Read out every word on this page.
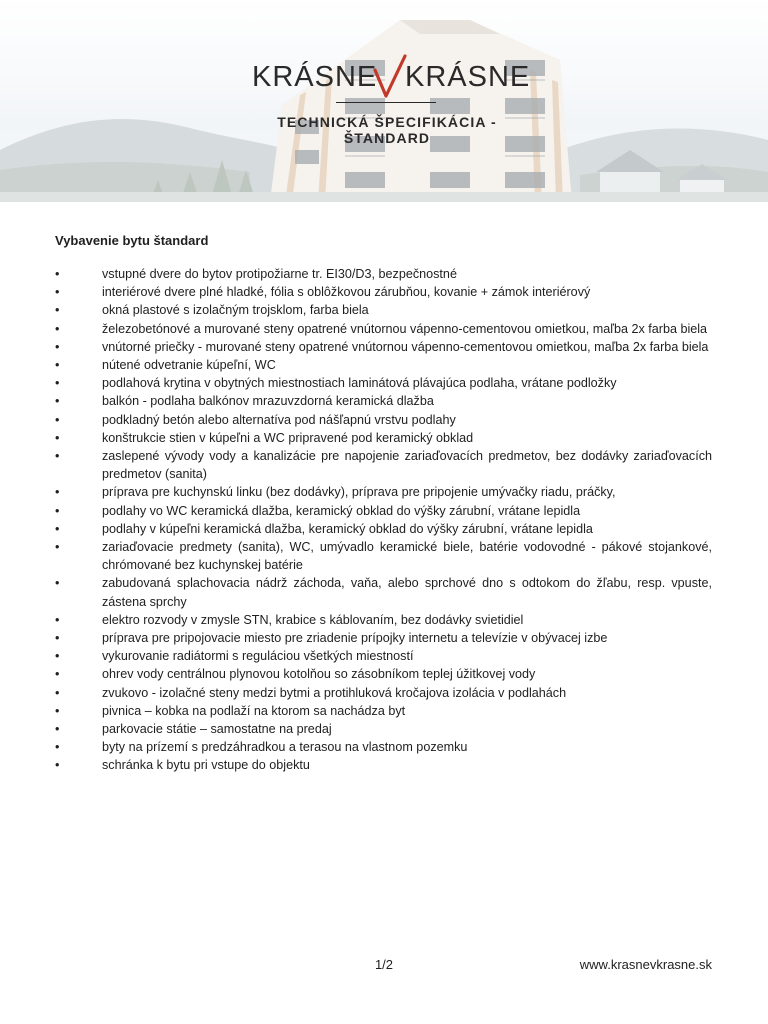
KRÁSNE KRÁSNE
TECHNICKÁ ŠPECIFIKÁCIA - ŠTANDARD
Vybavenie bytu štandard
•	vstupné dvere do bytov protipožiarne tr. EI30/D3, bezpečnostné
•	interiérové dvere plné hladké, fólia s oblôžkovou zárubňou, kovanie + zámok interiérový
•	okná plastové s izolačným trojsklom, farba biela
•	železobetónové a murované steny opatrené vnútornou vápenno-cementovou omietkou, maľba 2x farba biela
•	vnútorné priečky - murované steny opatrené vnútornou vápenno-cementovou omietkou, maľba 2x farba biela
•	nútené odvetranie kúpeľní, WC
•	podlahová krytina v obytných miestnostiach laminátová plávajúca podlaha, vrátane podložky
•	balkón - podlaha balkónov mrazuvzdorná keramická dlažba
•	podkladný betón alebo alternatíva pod nášľapnú vrstvu podlahy
•	konštrukcie stien v kúpeľni a WC pripravené pod keramický obklad
•	zaslepené vývody vody a kanalizácie pre napojenie zariaďovacích predmetov, bez dodávky zariaďovacích predmetov (sanita)
•	príprava pre kuchynskú linku (bez dodávky), príprava pre pripojenie umývačky riadu, práčky,
•	podlahy vo WC keramická dlažba, keramický obklad do výšky zárubní, vrátane lepidla
•	podlahy v kúpeľni keramická dlažba, keramický obklad do výšky zárubní, vrátane lepidla
•	zariaďovacie predmety (sanita), WC, umývadlo keramické biele, batérie vodovodné - pákové stojankové, chrómované bez kuchynskej batérie
•	zabudovaná splachovacia nádrž záchoda, vaňa, alebo sprchové dno s odtokom do žľabu, resp. vpuste, zástena sprchy
•	elektro rozvody v zmysle STN, krabice s káblovaním, bez dodávky svietidiel
•	príprava pre pripojovacie miesto pre zriadenie prípojky internetu a televízie v obývacej izbe
•	vykurovanie radiátormi s reguláciou všetkých miestností
•	ohrev vody centrálnou plynovou kotolňou so zásobníkom teplej úžitkovej vody
•	zvukovo - izolačné steny medzi bytmi a protihluková kročajova izolácia v podlahách
•	pivnica – kobka na podlaží na ktorom sa nachádza byt
•	parkovacie státie – samostatne na predaj
•	byty na prízemí s predzáhradkou a terasou na vlastnom pozemku
•	schránka k bytu pri vstupe do objektu
1/2	www.krasnevkrasne.sk
